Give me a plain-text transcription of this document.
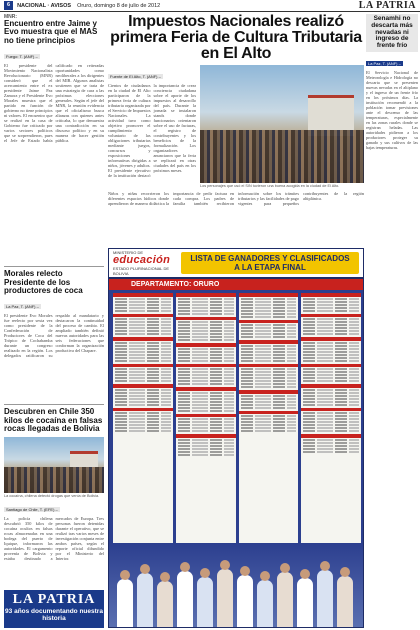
6	NACIONAL · AVISOS Oruro, domingo 8 de julio de 2012	LA PATRIA
MNR:
Encuentro entre Jaime y Evo muestra que el MAS no tiene principios
Fuego: T. (ANF) –
El presidente del Movimiento Nacionalista Revolucionario (MNR) consideró que el acercamiento entre el ex presidente Jaime Paz Zamora y el Presidente Evo Morales muestra que el partido en función de gobierno no tiene principios ni valores. El encuentro que se realizó en la casa de Gobierno fue criticado por varios sectores políticos que se sorprendieron, pues el Jefe de Estado había calificado en reiteradas oportunidades como neoliberales a los dirigentes del MIR. Algunos analistas sostienen que se trata de una estrategia de cara a las próximas elecciones generales. Según el jefe del MNR, la reunión evidencia que el oficialismo busca alianzas con quienes antes criticaba, lo que demuestra una contradicción en su discurso político y en su manera de hacer gestión pública.
Morales relecto Presidente de los productores de coca
La Paz, T. (ANF) –
El presidente Evo Morales fue reelecto por sexta vez como presidente de la Confederación de Productores de Coca del Trópico de Cochabamba durante un congreso realizado en la región. Los delegados ratificaron su respaldo al mandatario y destacaron la continuidad del proceso de cambio. El ampliado también definió nuevas autoridades para las seis federaciones que conforman la organización productiva del Chapare.
Descubren en Chile 350 kilos de cocaína en falsas rocas llegadas de Bolivia
La cocaína, chilena detectó drogas que venía de Bolivia.
Santiago de Chile, T. (EFE) –
La policía chilena descubrió 350 kilos de cocaína ocultos en falsas rocas almacenadas en una bodega del puerto de Iquique, informaron las autoridades. El cargamento provenía de Bolivia y estaba destinado a mercados de Europa. Tres personas fueron detenidas durante el operativo, que se realizó tras varios meses de investigación conjunta entre ambos países, según el reporte oficial difundido por el Ministerio del Interior.
LA PATRIA
93 años documentando nuestra historia
Impuestos Nacionales realizó primera Feria de Cultura Tributaria en El Alto
Fuente de El Alto, T. (ANF) –
Cientos de ciudadanos en la ciudad de El Alto participaron de la primera feria de cultura tributaria organizada por el Servicio de Impuestos Nacionales. La actividad tuvo como objetivo promover el cumplimiento voluntario de las obligaciones tributarias mediante juegos, concursos y exposiciones informativas dirigidas a niños, jóvenes y adultos. El presidente ejecutivo de la institución destacó la importancia de crear conciencia ciudadana sobre el aporte de los impuestos al desarrollo del país. Durante la jornada se instalaron stands donde funcionarios orientaron sobre el uso de facturas, el registro de contribuyentes y los beneficios de la formalización. Los organizadores anunciaron que la feria se replicará en otras ciudades del país en los próximos meses.
Los personajes que usó el SIN tuvieron una buena acogida en la ciudad de El Alto.
Niños y niñas recorrieron los diferentes espacios lúdicos donde aprendieron de manera didáctica la importancia de pedir factura en cada compra. Los padres de familia también recibieron información sobre los trámites tributarios y las facilidades de pago vigentes para pequeños contribuyentes de la región altiplánica.
MINISTERIO DE
educación
ESTADO PLURINACIONAL DE BOLIVIA
LISTA DE GANADORES Y CLASIFICADOS
A LA ETAPA FINAL
DEPARTAMENTO: ORURO
Senamhi no descarta más nevadas ni ingreso de frente frío
La Paz, T. (ANF) –
El Servicio Nacional de Meteorología e Hidrología no descarta que se presenten nuevas nevadas en el altiplano y el ingreso de un frente frío en los próximos días. La institución recomendó a la población tomar previsiones ante el descenso de las temperaturas, especialmente en las zonas rurales donde se registran heladas. Las autoridades pidieron a los productores proteger su ganado y sus cultivos de las bajas temperaturas.
